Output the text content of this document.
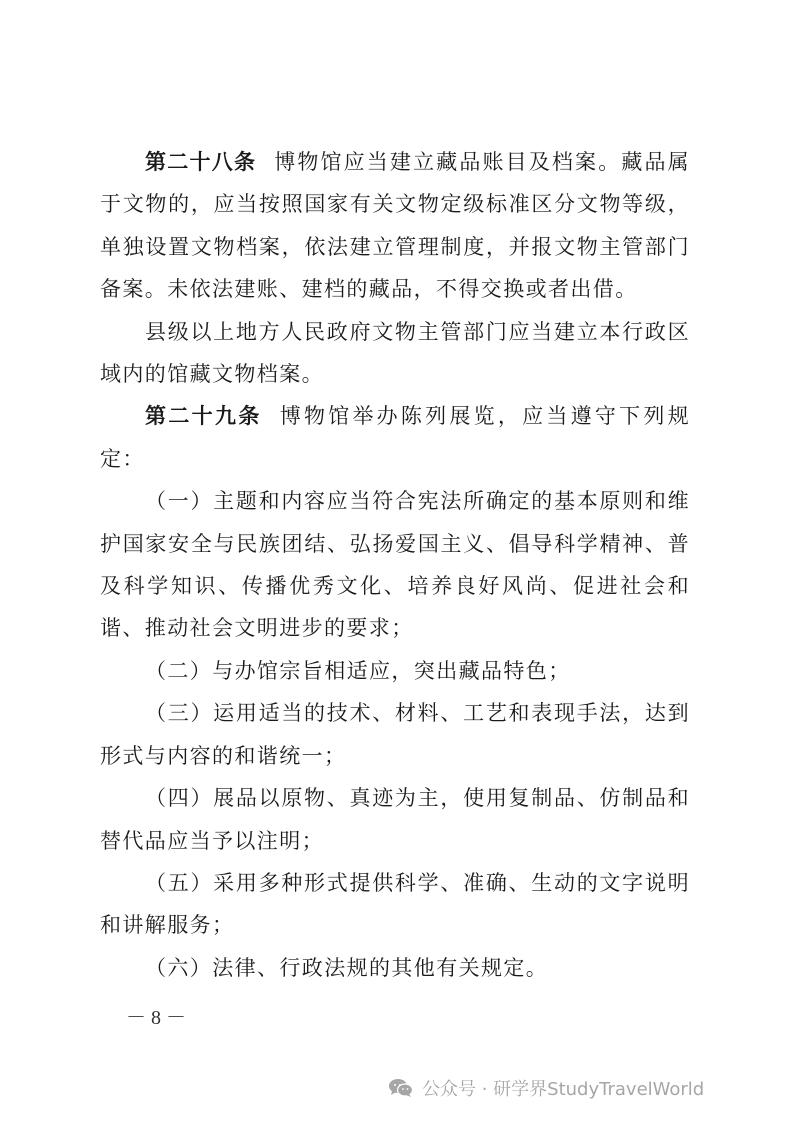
第二十八条 博物馆应当建立藏品账目及档案。藏品属于文物的，应当按照国家有关文物定级标准区分文物等级，单独设置文物档案，依法建立管理制度，并报文物主管部门备案。未依法建账、建档的藏品，不得交换或者出借。

县级以上地方人民政府文物主管部门应当建立本行政区域内的馆藏文物档案。

第二十九条 博物馆举办陈列展览，应当遵守下列规定：

（一）主题和内容应当符合宪法所确定的基本原则和维护国家安全与民族团结、弘扬爱国主义、倡导科学精神、普及科学知识、传播优秀文化、培养良好风尚、促进社会和谐、推动社会文明进步的要求；

（二）与办馆宗旨相适应，突出藏品特色；

（三）运用适当的技术、材料、工艺和表现手法，达到形式与内容的和谐统一；

（四）展品以原物、真迹为主，使用复制品、仿制品和替代品应当予以注明；

（五）采用多种形式提供科学、准确、生动的文字说明和讲解服务；

（六）法律、行政法规的其他有关规定。

－ 8 －
公众号 · 研学界StudyTravelWorld
